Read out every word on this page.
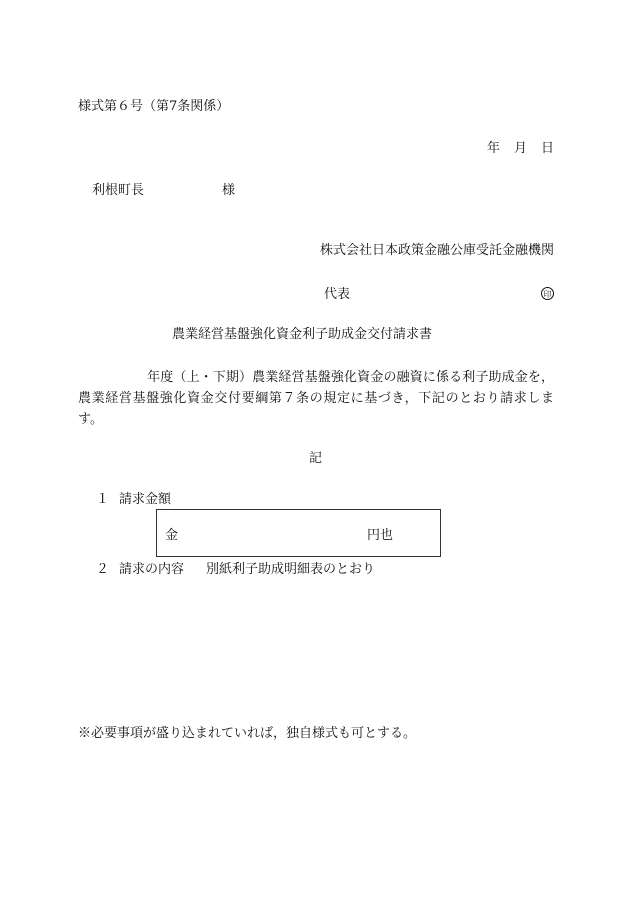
様式第６号（第7条関係）
年 月 日
利根町長	様
株式会社日本政策金融公庫受託金融機関
代表	印
農業経営基盤強化資金利子助成金交付請求書
年度（上・下期）農業経営基盤強化資金の融資に係る利子助成金を，農業経営基盤強化資金交付要綱第７条の規定に基づき，下記のとおり請求します。
記
１ 請求金額
金	円也
２ 請求の内容 別紙利子助成明細表のとおり
※必要事項が盛り込まれていれば，独自様式も可とする。
